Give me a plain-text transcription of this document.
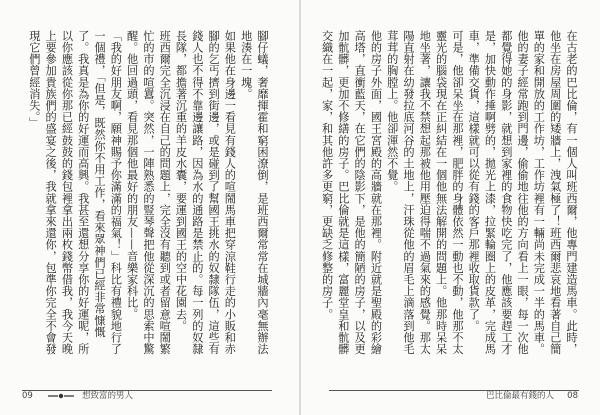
腳仔蟻，奢靡揮霍和窮困潦倒，是班西爾常常在城牆內毫無辦法地湊在一塊。

如果他在身邊一看見有錢人的喧鬧馬車把穿涼鞋行走的小販和赤腳的乞丐擠到街邊，或是碰到了幫國王挑水的奴隸隊伍，這些有錢人也不得不靠邊讓路，因為水的通路是禁止的。每一列的奴隸長隊，都擔著沉重的羊皮水囊，要運到國王的空中花園去。

班西爾完全沉浸在自己的問題上，完全沒有聽到或者留意喧鬧繁忙的市的喧囂。突然，一陣熟悉的豎琴聲把他從深沉的思索中驚醒。他回過頭，看見那個他最好的朋友——音樂家科比。

「我的好朋友啊，願神賜予你滿滿的福氣！」科比有禮貌地行了一個禮，「但是，既然你不用工作，看來眾神們已經非常慷慨了。我真是為你的好運而高興。我甚至還想分享你的好運呢，所以你應該從你那已經鼓鼓的錢包裡拿出兩枚錢幣借我，我今天晚上要參加貴族們的盛宴之後，我就拿來還你，包準你完全不會發現它們曾經消失。」

09	想致富的男人

在古老的巴比倫，有一個人叫班西爾，他專門建造馬車。此時，他坐在房屋周圍的矮牆上，洩氣極了！班西爾悲哀地看著自己簡單的家和開放的工作坊，工作坊裡有一輛尚未完成一半的馬車。

他的妻子經常跑到門邊，偷偷地往他的方向看上一眼，每一次他都覺得她的身影，就想到家裡的食物快吃完了，他應該要趕工才是，加快動作捶啊劈的，拋光上漆，拉緊輪圈上的皮革，完成馬車，準備交貨，這樣就可以從有錢的客戶那裡收取貨款了。

可是，他卻呆坐在那裡，肥胖的身體依然一動也不動，他那不太靈光的腦袋現在正糾結在一個他無法解開的問題上。他那時呆呆地坐著，讓我不禁想起那被他用壓迫得喘不過氣來的感覺。那太陽直射在幼發拉底河谷的土地上，汗珠從他的眉毛上滴落到他毛茸茸的胸膛上。他卻渾然不覺。

他的房子外面，國王宮殿的高牆就在那裡。附近就是聖殿的彩繪高塔，直衝藍天，在它們的陰影下，是他的簡陋的房子，以及更加骯髒，更加不修繕的房子。巴比倫就是這樣，富麗堂皇和骯髒交織在一起，家，和其他許多更窮，更缺乏修整的房子。

巴比倫最有錢的人 08
